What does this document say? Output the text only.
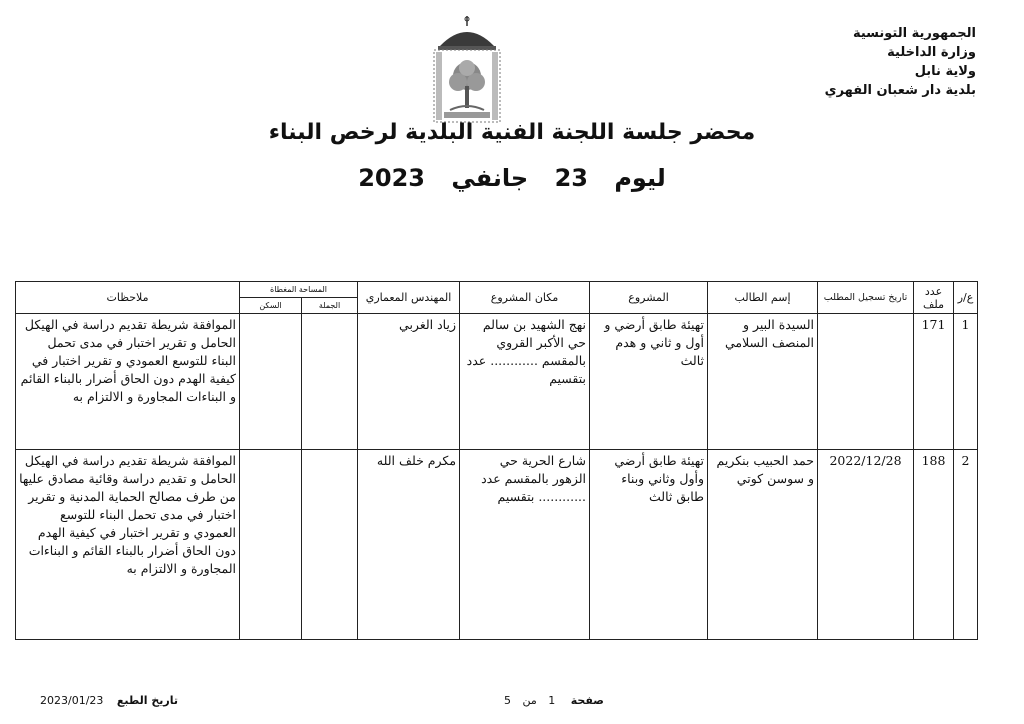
الجمهورية التونسية
وزارة الداخلية
ولاية نابل
بلدية دار شعبان الفهري
محضر جلسة اللجنة الفنية البلدية لرخص البناء
ليوم 23 جانفي 2023
ع/ر	عدد ملف	تاريخ تسجيل المطلب	إسم الطالب	المشروع	مكان المشروع	المهندس المعماري	المساحة المغطاة		ملاحظات
							الجملة	السكن	
1	171		السيدة البير و المنصف السلامي	تهيئة طابق أرضي و أول و ثاني و هدم ثالث	نهج الشهيد بن سالم حي الأكبر القروي بالمقسم ............ عدد بتقسيم	زياد الغربي			الموافقة شريطة تقديم دراسة في الهيكل الحامل و تقرير اختبار في مدى تحمل البناء للتوسع العمودي و تقرير اختبار في كيفية الهدم دون الحاق أضرار بالبناء القائم و البناءات المجاورة و الالتزام به
2	188	2022/12/28	حمد الحبيب بنكريم و سوسن كوتي	تهيئة طابق أرضي وأول وثاني وبناء طابق ثالث	شارع الحرية حي الزهور بالمقسم عدد ............ بتقسيم	مكرم خلف الله			الموافقة شريطة تقديم دراسة في الهيكل الحامل و تقديم دراسة وقائية مصادق عليها من طرف مصالح الحماية المدنية و تقرير اختبار في مدى تحمل البناء للتوسع العمودي و تقرير اختبار في كيفية الهدم دون الحاق أضرار بالبناء القائم و البناءات المجاورة و الالتزام به
تاريخ الطبع 2023/01/23	صفحة 1 من 5
